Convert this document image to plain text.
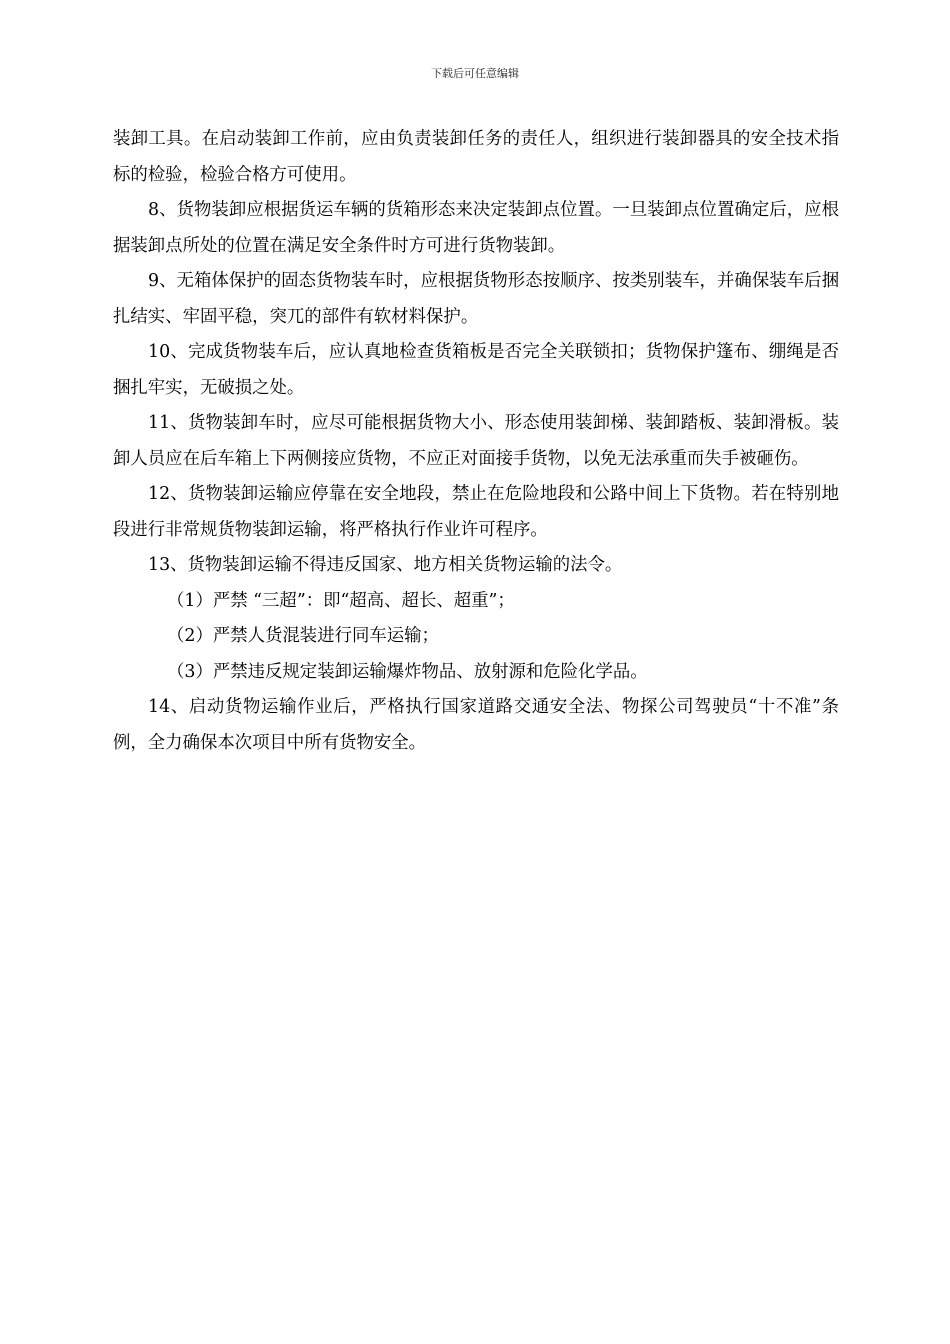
下载后可任意编辑

装卸工具。在启动装卸工作前，应由负责装卸任务的责任人，组织进行装卸器具的安全技术指标的检验，检验合格方可使用。

8、货物装卸应根据货运车辆的货箱形态来决定装卸点位置。一旦装卸点位置确定后，应根据装卸点所处的位置在满足安全条件时方可进行货物装卸。

9、无箱体保护的固态货物装车时，应根据货物形态按顺序、按类别装车，并确保装车后捆扎结实、牢固平稳，突兀的部件有软材料保护。

10、完成货物装车后，应认真地检查货箱板是否完全关联锁扣；货物保护篷布、绷绳是否捆扎牢实，无破损之处。

11、货物装卸车时，应尽可能根据货物大小、形态使用装卸梯、装卸踏板、装卸滑板。装卸人员应在后车箱上下两侧接应货物，不应正对面接手货物，以免无法承重而失手被砸伤。

12、货物装卸运输应停靠在安全地段，禁止在危险地段和公路中间上下货物。若在特别地段进行非常规货物装卸运输，将严格执行作业许可程序。

13、货物装卸运输不得违反国家、地方相关货物运输的法令。

（1）严禁 “三超”：即“超高、超长、超重”；

（2）严禁人货混装进行同车运输；

（3）严禁违反规定装卸运输爆炸物品、放射源和危险化学品。

14、启动货物运输作业后，严格执行国家道路交通安全法、物探公司驾驶员“十不准”条例，全力确保本次项目中所有货物安全。
